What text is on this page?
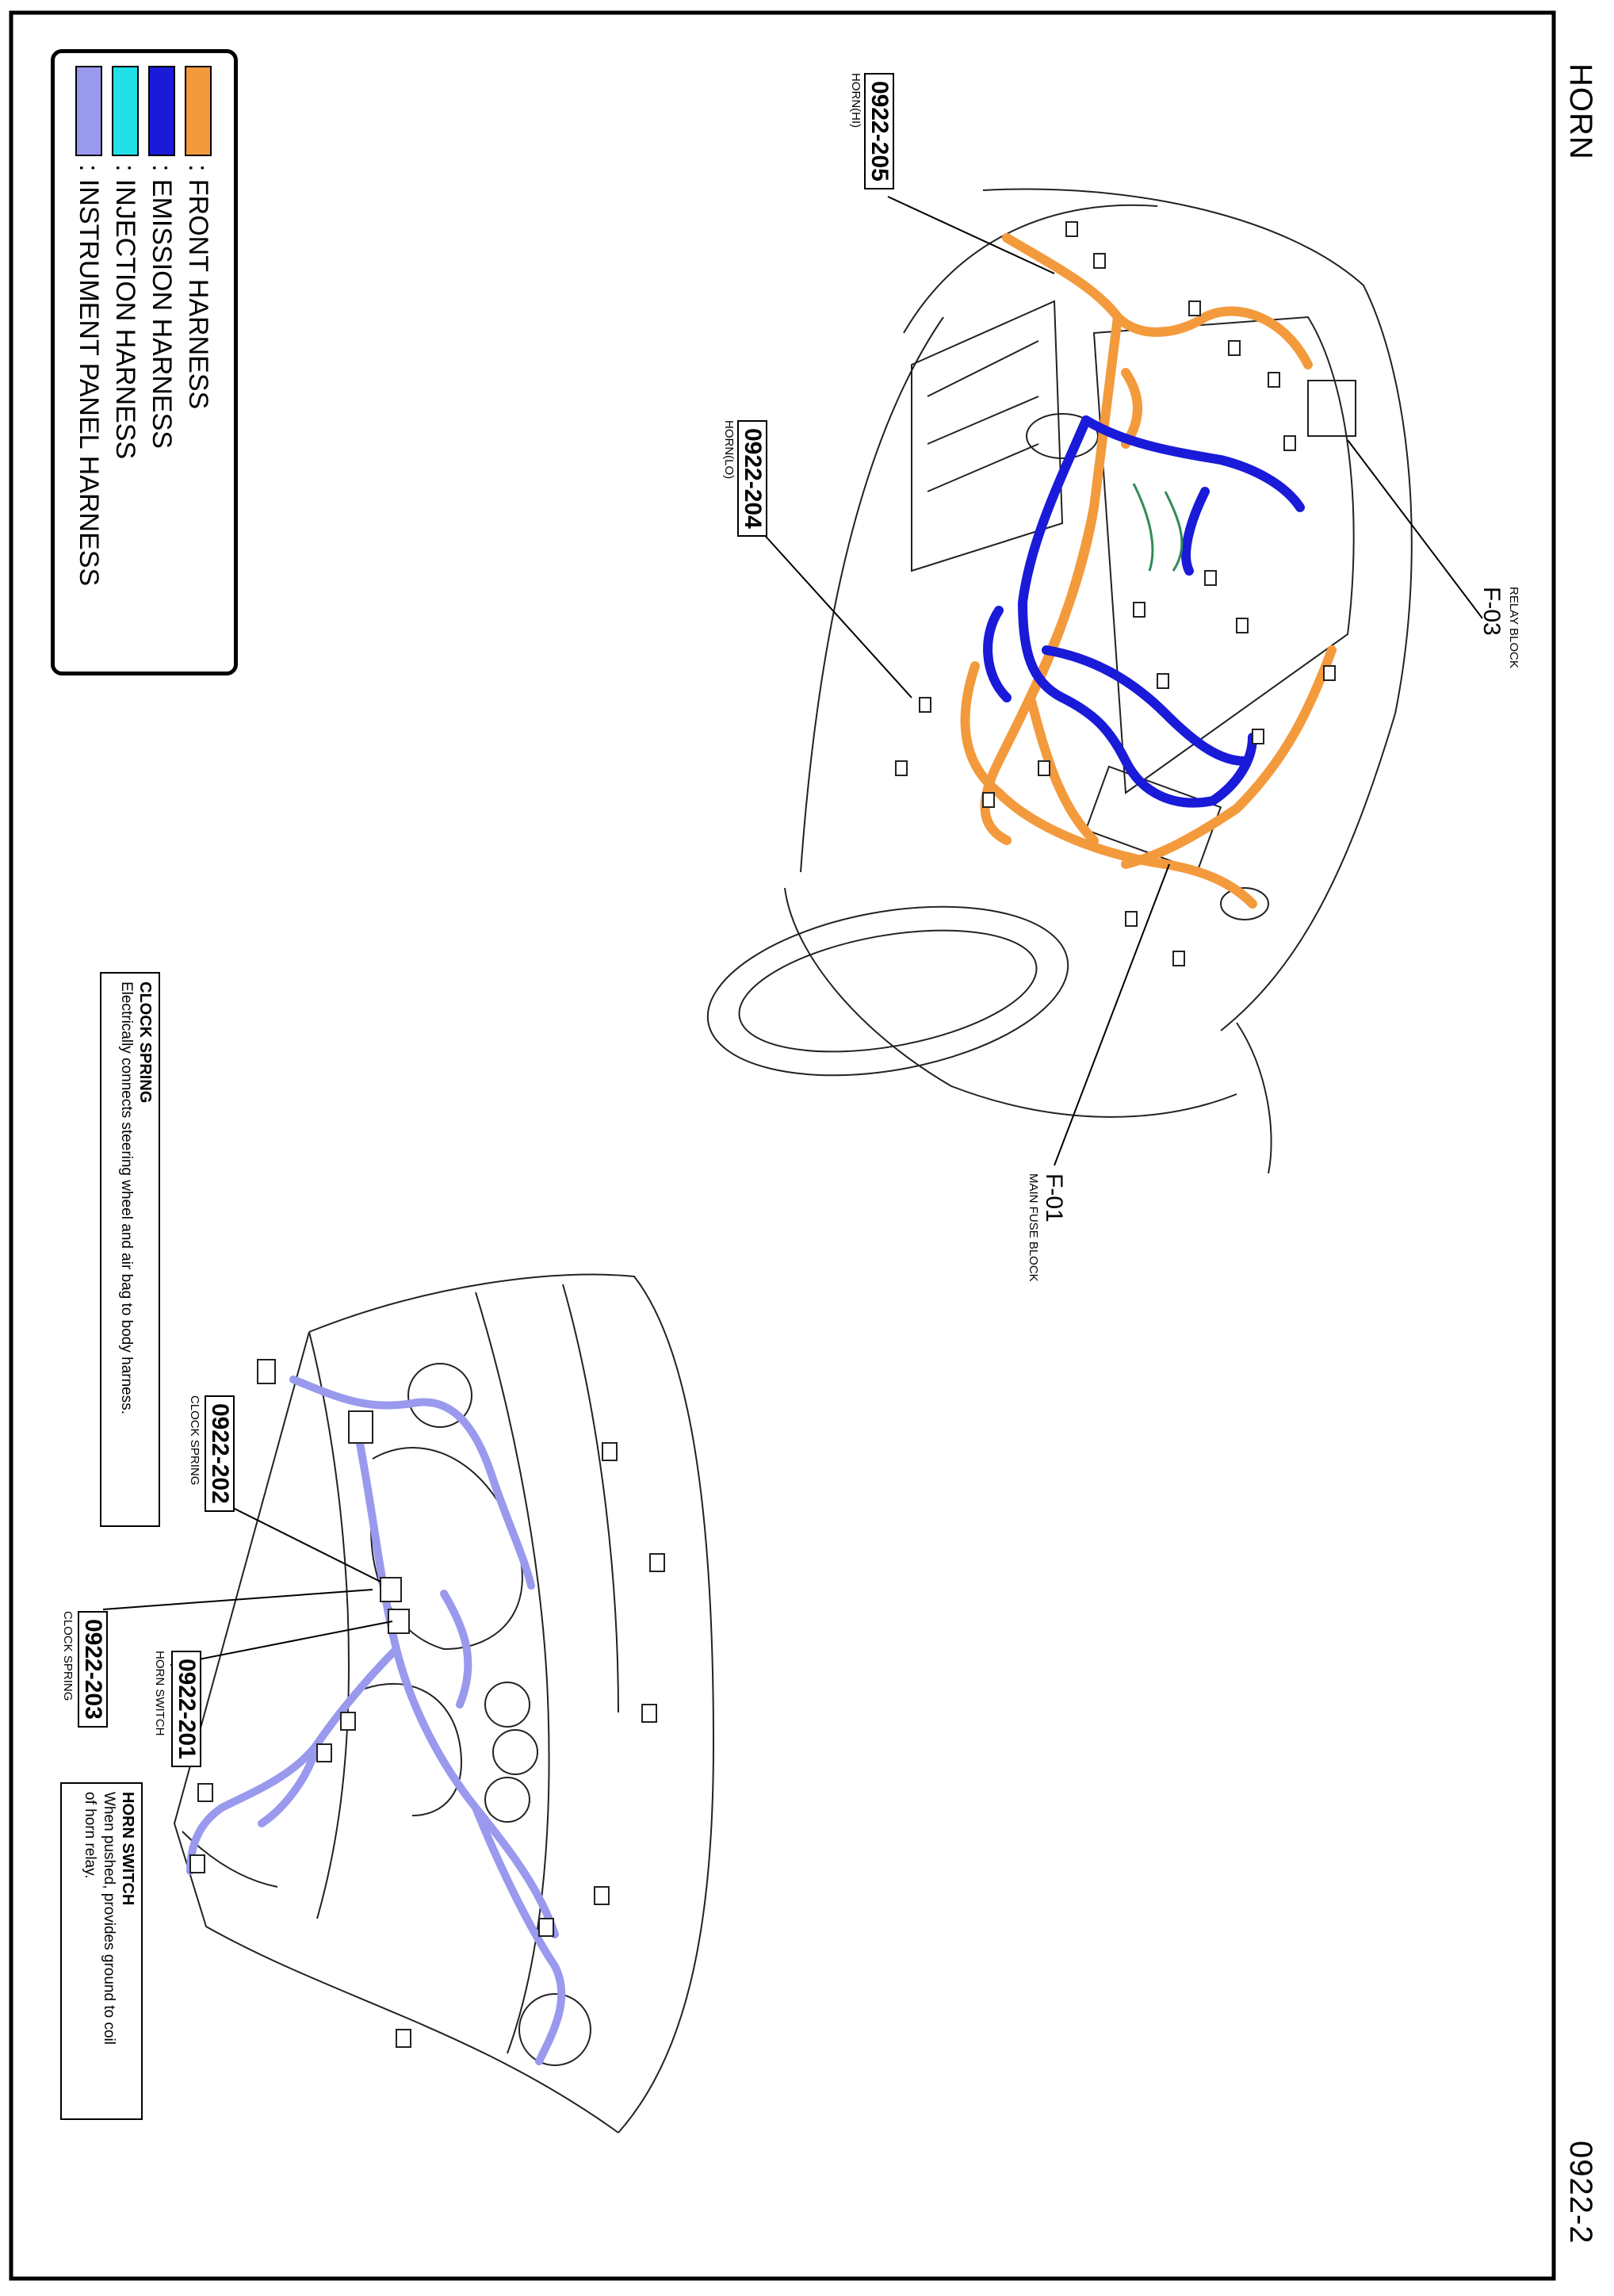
HORN
0922-2
: FRONT HARNESS
: EMISSION HARNESS
: INJECTION HARNESS
: INSTRUMENT PANEL HARNESS
0922-205
HORN(HI)
0922-204
HORN(LO)
RELAY BLOCK
F-03
F-01
MAIN FUSE BLOCK
0922-202
CLOCK SPRING
0922-201
HORN SWITCH
0922-203
CLOCK SPRING
CLOCK SPRING
Electrically connects steering wheel and air bag to body harness.
HORN SWITCH
When pushed, provides ground to coil
of horn relay.
